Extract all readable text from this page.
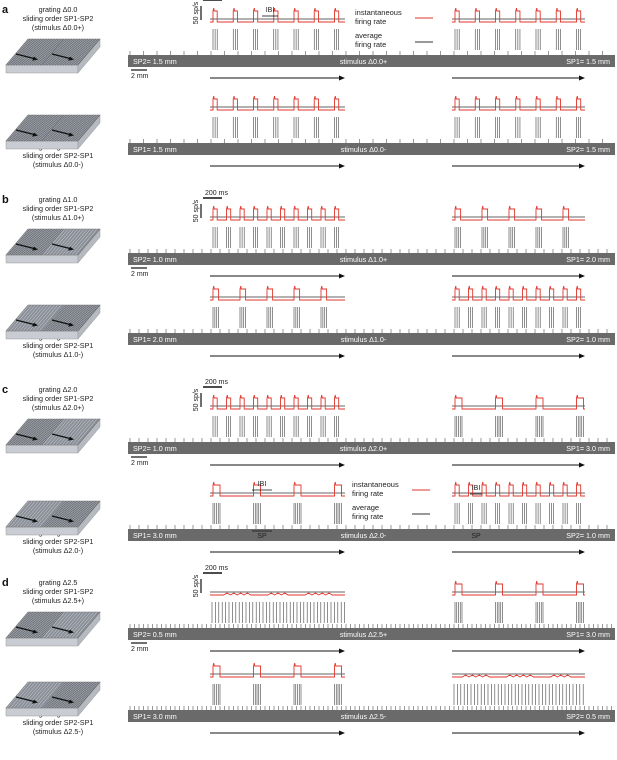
a	grating Δ0.0
sliding order SP1-SP2
(stimulus Δ0.0+)
SP2= 1.5 mm	stimulus Δ0.0+	SP1= 1.5 mm
50 sp/s
2 mm
sliding order SP2-SP1
(stimulus Δ0.0-)
SP1= 1.5 mm	stimulus Δ0.0-	SP2= 1.5 mm
b	grating Δ1.0
sliding order SP1-SP2
(stimulus Δ1.0+)
SP2= 1.0 mm	stimulus Δ1.0+	SP1= 2.0 mm
200 ms
50 sp/s
2 mm
sliding order SP2-SP1
(stimulus Δ1.0-)
SP1= 2.0 mm	stimulus Δ1.0-	SP2= 1.0 mm
c	grating Δ2.0
sliding order SP1-SP2
(stimulus Δ2.0+)
SP2= 1.0 mm	stimulus Δ2.0+	SP1= 3.0 mm
200 ms
50 sp/s
2 mm
sliding order SP2-SP1
(stimulus Δ2.0-)
SP1= 3.0 mm	stimulus Δ2.0-	SP2= 1.0 mm
d	grating Δ2.5
sliding order SP1-SP2
(stimulus Δ2.5+)
SP2= 0.5 mm	stimulus Δ2.5+	SP1= 3.0 mm
200 ms
50 sp/s
2 mm
sliding order SP2-SP1
(stimulus Δ2.5-)
SP1= 3.0 mm	stimulus Δ2.5-	SP2= 0.5 mm
instantaneous
firing rate
average
firing rate
instantaneous
firing rate
average
firing rate
IBI
IBI
SP
IBI
SP
